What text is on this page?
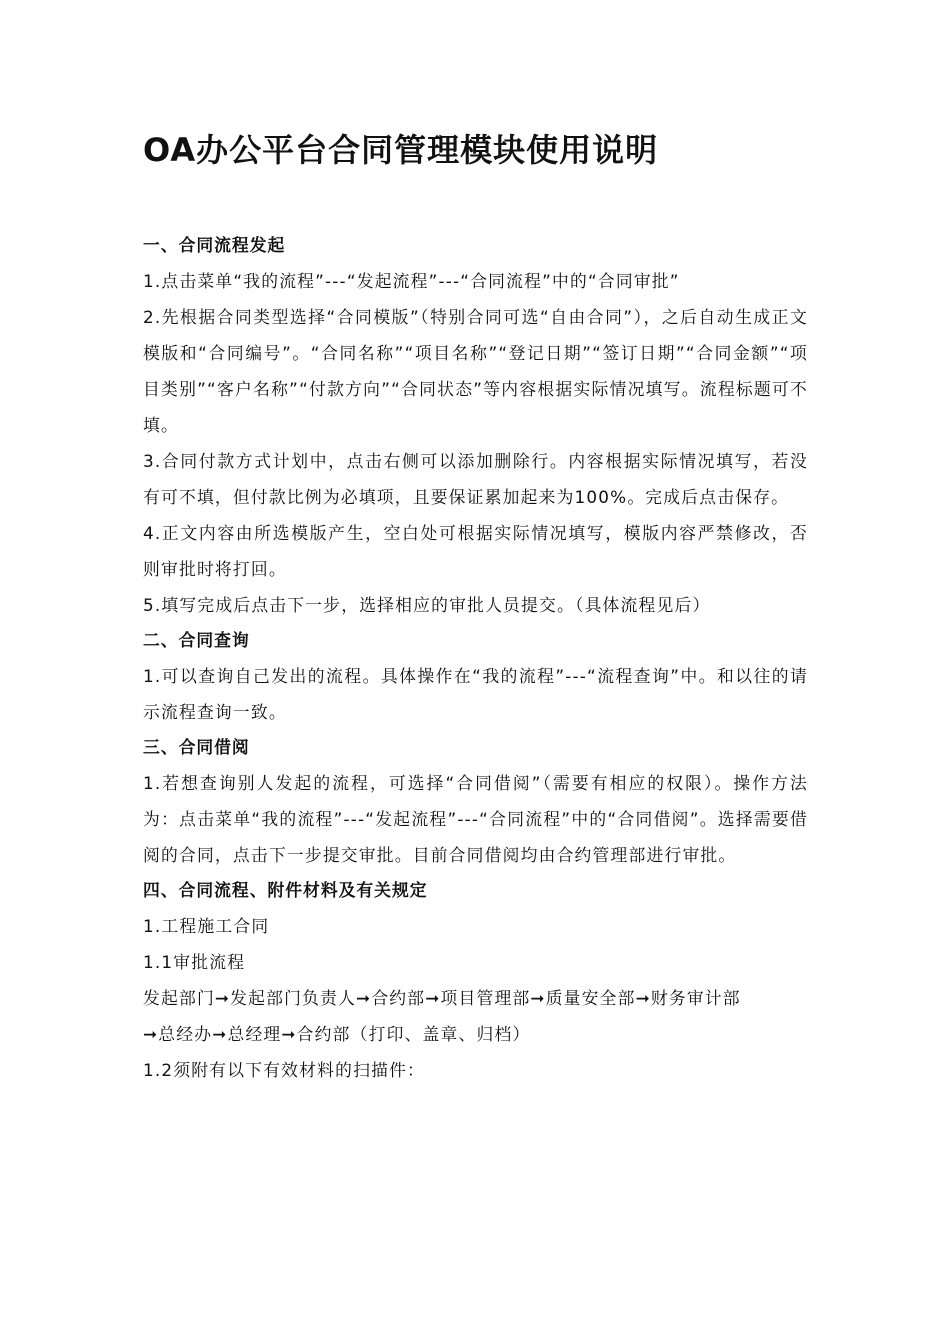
OA办公平台合同管理模块使用说明

一、合同流程发起

1.点击菜单“我的流程”---“发起流程”---“合同流程”中的“合同审批”

2.先根据合同类型选择“合同模版”（特别合同可选“自由合同”），之后自动生成正文模版和“合同编号”。“合同名称”“项目名称”“登记日期”“签订日期”“合同金额”“项目类别”“客户名称”“付款方向”“合同状态”等内容根据实际情况填写。流程标题可不填。

3.合同付款方式计划中，点击右侧可以添加删除行。内容根据实际情况填写，若没有可不填，但付款比例为必填项，且要保证累加起来为100%。完成后点击保存。

4.正文内容由所选模版产生，空白处可根据实际情况填写，模版内容严禁修改，否则审批时将打回。

5.填写完成后点击下一步，选择相应的审批人员提交。（具体流程见后）

二、合同查询

1.可以查询自己发出的流程。具体操作在“我的流程”---“流程查询”中。和以往的请示流程查询一致。

三、合同借阅

1.若想查询别人发起的流程，可选择“合同借阅”（需要有相应的权限）。操作方法为：点击菜单“我的流程”---“发起流程”---“合同流程”中的“合同借阅”。选择需要借阅的合同，点击下一步提交审批。目前合同借阅均由合约管理部进行审批。

四、合同流程、附件材料及有关规定

1.工程施工合同

1.1审批流程

发起部门➞发起部门负责人➞合约部➞项目管理部➞质量安全部➞财务审计部

➞总经办➞总经理➞合约部（打印、盖章、归档）

1.2须附有以下有效材料的扫描件：
